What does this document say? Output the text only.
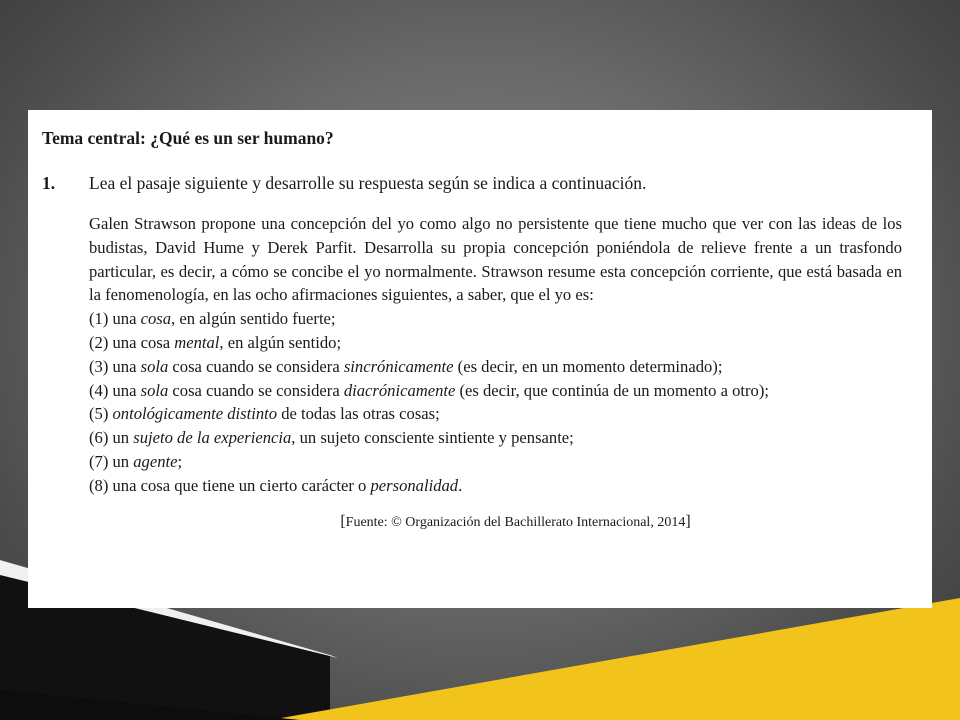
Tema central: ¿Qué es un ser humano?
1.	Lea el pasaje siguiente y desarrolle su respuesta según se indica a continuación.
Galen Strawson propone una concepción del yo como algo no persistente que tiene mucho que ver con las ideas de los budistas, David Hume y Derek Parfit. Desarrolla su propia concepción poniéndola de relieve frente a un trasfondo particular, es decir, a cómo se concibe el yo normalmente. Strawson resume esta concepción corriente, que está basada en la fenomenología, en las ocho afirmaciones siguientes, a saber, que el yo es:
(1) una cosa, en algún sentido fuerte;
(2) una cosa mental, en algún sentido;
(3) una sola cosa cuando se considera sincrónicamente (es decir, en un momento determinado);
(4) una sola cosa cuando se considera diacrónicamente (es decir, que continúa de un momento a otro);
(5) ontológicamente distinto de todas las otras cosas;
(6) un sujeto de la experiencia, un sujeto consciente sintiente y pensante;
(7) un agente;
(8) una cosa que tiene un cierto carácter o personalidad.
[Fuente: © Organización del Bachillerato Internacional, 2014]
